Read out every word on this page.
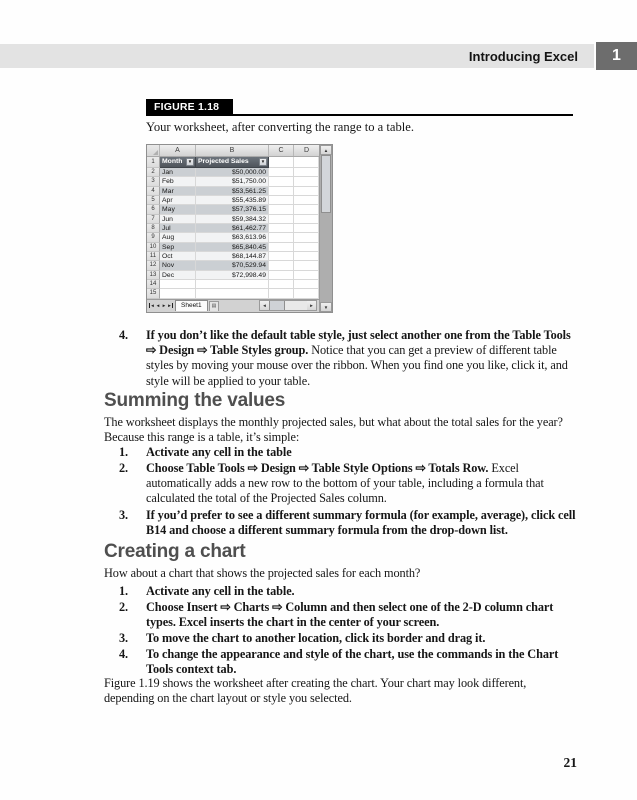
Introducing Excel 1
FIGURE 1.18
Your worksheet, after converting the range to a table.
A	B	C	D
1	Month	▼ Projected Sales	▼
2	Jan	$50,000.00
3	Feb	$51,750.00
4	Mar	$53,561.25
5	Apr	$55,435.89
6	May	$57,376.15
7	Jun	$59,384.32
8	Jul	$61,462.77
9	Aug	$63,613.96
10 Sep	$65,840.45
11 Oct	$68,144.87
12 Nov	$70,529.94
13 Dec	$72,998.49
14
15
◄ ◄ ► ►	Sheet1	▤	◄	►
▲
▼
4.	If you don’t like the default table style, just select another one from the Table Tools ⇨ Design ⇨ Table Styles group. Notice that you can get a preview of different table styles by moving your mouse over the ribbon. When you find one you like, click it, and style will be applied to your table.
Summing the values
The worksheet displays the monthly projected sales, but what about the total sales for the year? Because this range is a table, it’s simple:
1.	Activate any cell in the table
2.	Choose Table Tools ⇨ Design ⇨ Table Style Options ⇨ Totals Row. Excel automatically adds a new row to the bottom of your table, including a formula that calculated the total of the Projected Sales column.
3.	If you’d prefer to see a different summary formula (for example, average), click cell B14 and choose a different summary formula from the drop-down list.
Creating a chart
How about a chart that shows the projected sales for each month?
1.	Activate any cell in the table.
2.	Choose Insert ⇨ Charts ⇨ Column and then select one of the 2-D column chart types. Excel inserts the chart in the center of your screen.
3.	To move the chart to another location, click its border and drag it.
4.	To change the appearance and style of the chart, use the commands in the Chart Tools context tab.
Figure 1.19 shows the worksheet after creating the chart. Your chart may look different, depending on the chart layout or style you selected.
21
